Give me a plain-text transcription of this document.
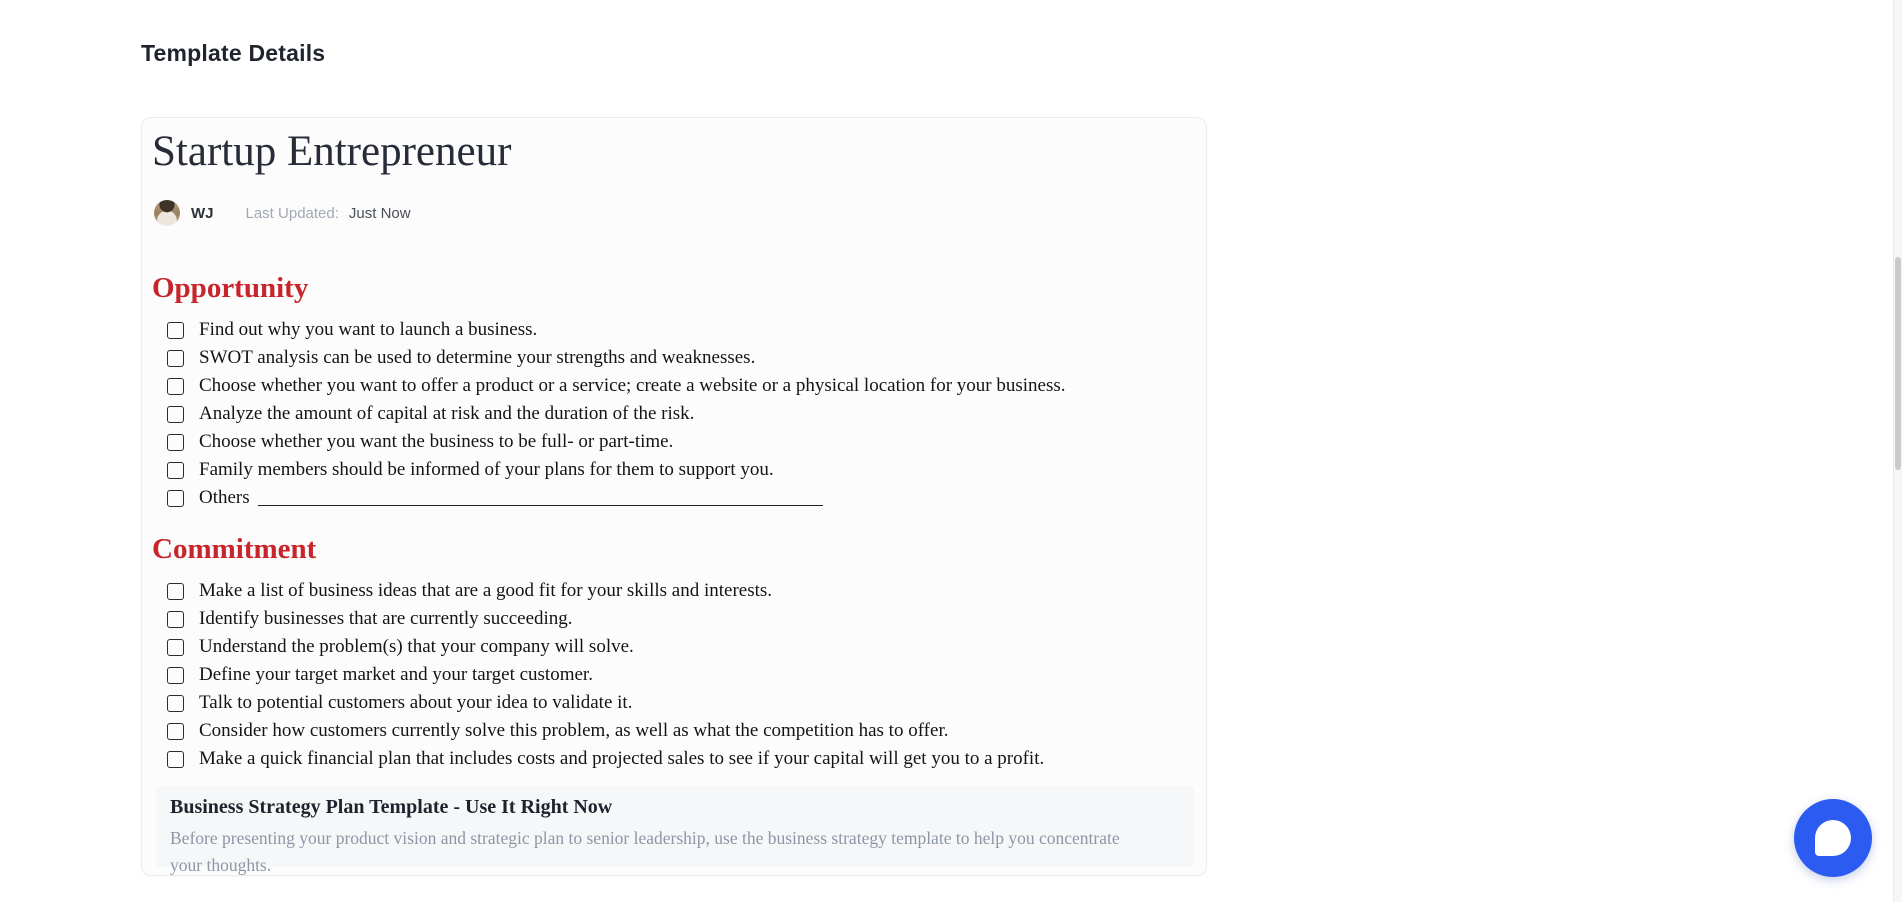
Template Details
Startup Entrepreneur
WJ Last Updated: Just Now
Opportunity
Find out why you want to launch a business.
SWOT analysis can be used to determine your strengths and weaknesses.
Choose whether you want to offer a product or a service; create a website or a physical location for your business.
Analyze the amount of capital at risk and the duration of the risk.
Choose whether you want the business to be full- or part-time.
Family members should be informed of your plans for them to support you.
Others
Commitment
Make a list of business ideas that are a good fit for your skills and interests.
Identify businesses that are currently succeeding.
Understand the problem(s) that your company will solve.
Define your target market and your target customer.
Talk to potential customers about your idea to validate it.
Consider how customers currently solve this problem, as well as what the competition has to offer.
Make a quick financial plan that includes costs and projected sales to see if your capital will get you to a profit.
Business Strategy Plan Template - Use It Right Now
Before presenting your product vision and strategic plan to senior leadership, use the business strategy template to help you concentrate your thoughts.
